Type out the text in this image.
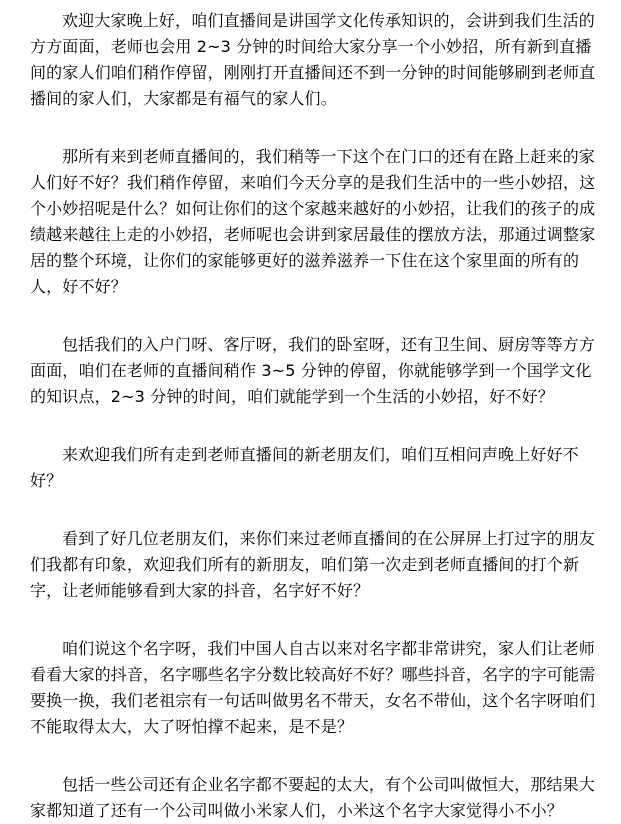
欢迎大家晚上好，咱们直播间是讲国学文化传承知识的，会讲到我们生活的方方面面，老师也会用 2~3 分钟的时间给大家分享一个小妙招，所有新到直播间的家人们咱们稍作停留，刚刚打开直播间还不到一分钟的时间能够刷到老师直播间的家人们，大家都是有福气的家人们。

那所有来到老师直播间的，我们稍等一下这个在门口的还有在路上赶来的家人们好不好？我们稍作停留，来咱们今天分享的是我们生活中的一些小妙招，这个小妙招呢是什么？如何让你们的这个家越来越好的小妙招，让我们的孩子的成绩越来越往上走的小妙招，老师呢也会讲到家居最佳的摆放方法，那通过调整家居的整个环境，让你们的家能够更好的滋养滋养一下住在这个家里面的所有的人，好不好？

包括我们的入户门呀、客厅呀，我们的卧室呀，还有卫生间、厨房等等方方面面，咱们在老师的直播间稍作 3~5 分钟的停留，你就能够学到一个国学文化的知识点，2~3 分钟的时间，咱们就能学到一个生活的小妙招，好不好？

来欢迎我们所有走到老师直播间的新老朋友们，咱们互相问声晚上好好不好？

看到了好几位老朋友们，来你们来过老师直播间的在公屏屏上打过字的朋友们我都有印象，欢迎我们所有的新朋友，咱们第一次走到老师直播间的打个新字，让老师能够看到大家的抖音，名字好不好？

咱们说这个名字呀，我们中国人自古以来对名字都非常讲究，家人们让老师看看大家的抖音，名字哪些名字分数比较高好不好？哪些抖音，名字的字可能需要换一换，我们老祖宗有一句话叫做男名不带天，女名不带仙，这个名字呀咱们不能取得太大，大了呀怕撑不起来，是不是？

包括一些公司还有企业名字都不要起的太大，有个公司叫做恒大，那结果大家都知道了还有一个公司叫做小米家人们，小米这个名字大家觉得小不小？
